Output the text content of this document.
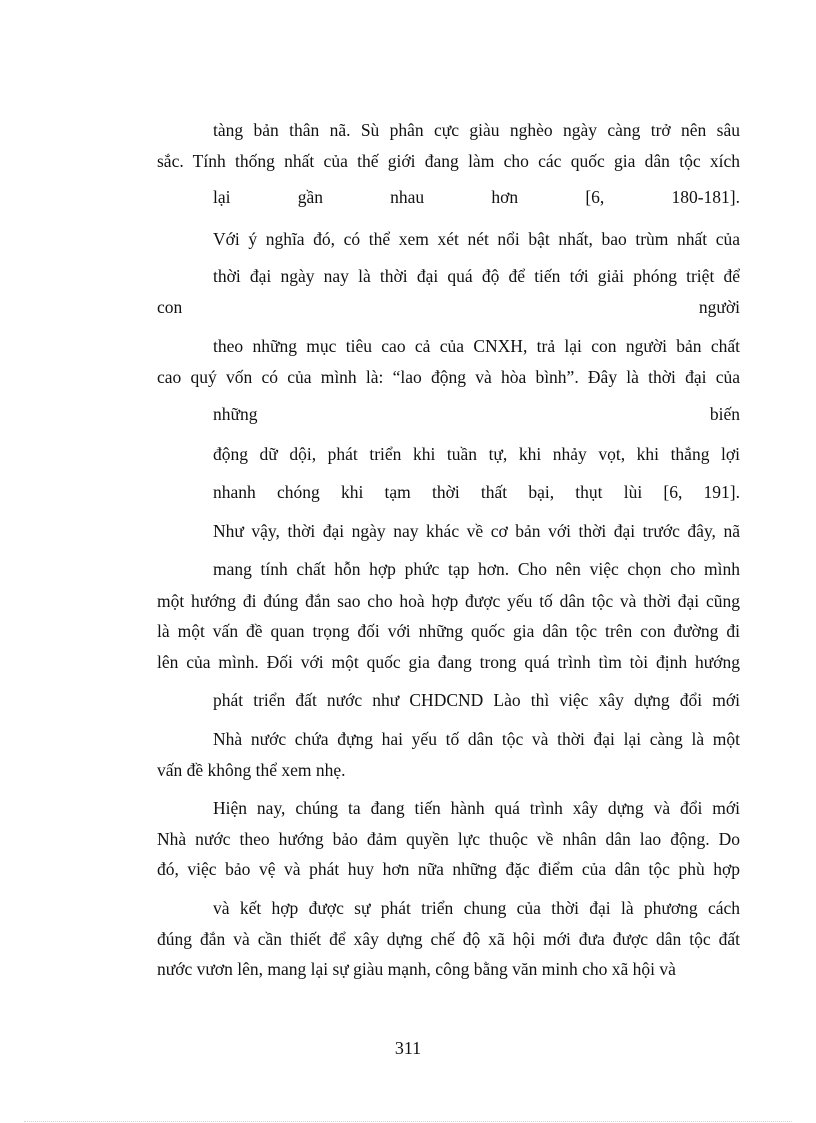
tàng bản thân nã. Sù phân cực giàu nghèo ngày càng trở nên sâu
sắc. Tính thống nhất của thế giới đang làm cho các quốc gia dân tộc xích
lại gần nhau hơn [6, 180-181].
Với ý nghĩa đó, có thể xem xét nét nổi bật nhất, bao trùm nhất của
thời đại ngày nay là thời đại quá độ để tiến tới giải phóng triệt để
con người
theo những mục tiêu cao cả của CNXH, trả lại con người bản chất
cao quý vốn có của mình là: “lao động và hòa bình”. Đây là thời đại của
những biến
động dữ dội, phát triển khi tuần tự, khi nhảy vọt, khi thắng lợi
nhanh chóng khi tạm thời thất bại, thụt lùi [6, 191].
Như vậy, thời đại ngày nay khác về cơ bản với thời đại trước đây, nã
mang tính chất hỗn hợp phức tạp hơn. Cho nên việc chọn cho mình
một hướng đi đúng đắn sao cho hoà hợp được yếu tố dân tộc và thời đại cũng
là một vấn đề quan trọng đối với những quốc gia dân tộc trên con đường đi
lên của mình. Đối với một quốc gia đang trong quá trình tìm tòi định hướng
phát triển đất nước như CHDCND Lào thì việc xây dựng đổi mới
Nhà nước chứa đựng hai yếu tố dân tộc và thời đại lại càng là một
vấn đề không thể xem nhẹ.
Hiện nay, chúng ta đang tiến hành quá trình xây dựng và đổi mới
Nhà nước theo hướng bảo đảm quyền lực thuộc về nhân dân lao động. Do
đó, việc bảo vệ và phát huy hơn nữa những đặc điểm của dân tộc phù hợp
và kết hợp được sự phát triển chung của thời đại là phương cách
đúng đắn và cần thiết để xây dựng chế độ xã hội mới đưa được dân tộc đất
nước vươn lên, mang lại sự giàu mạnh, công bằng văn minh cho xã hội và
311
